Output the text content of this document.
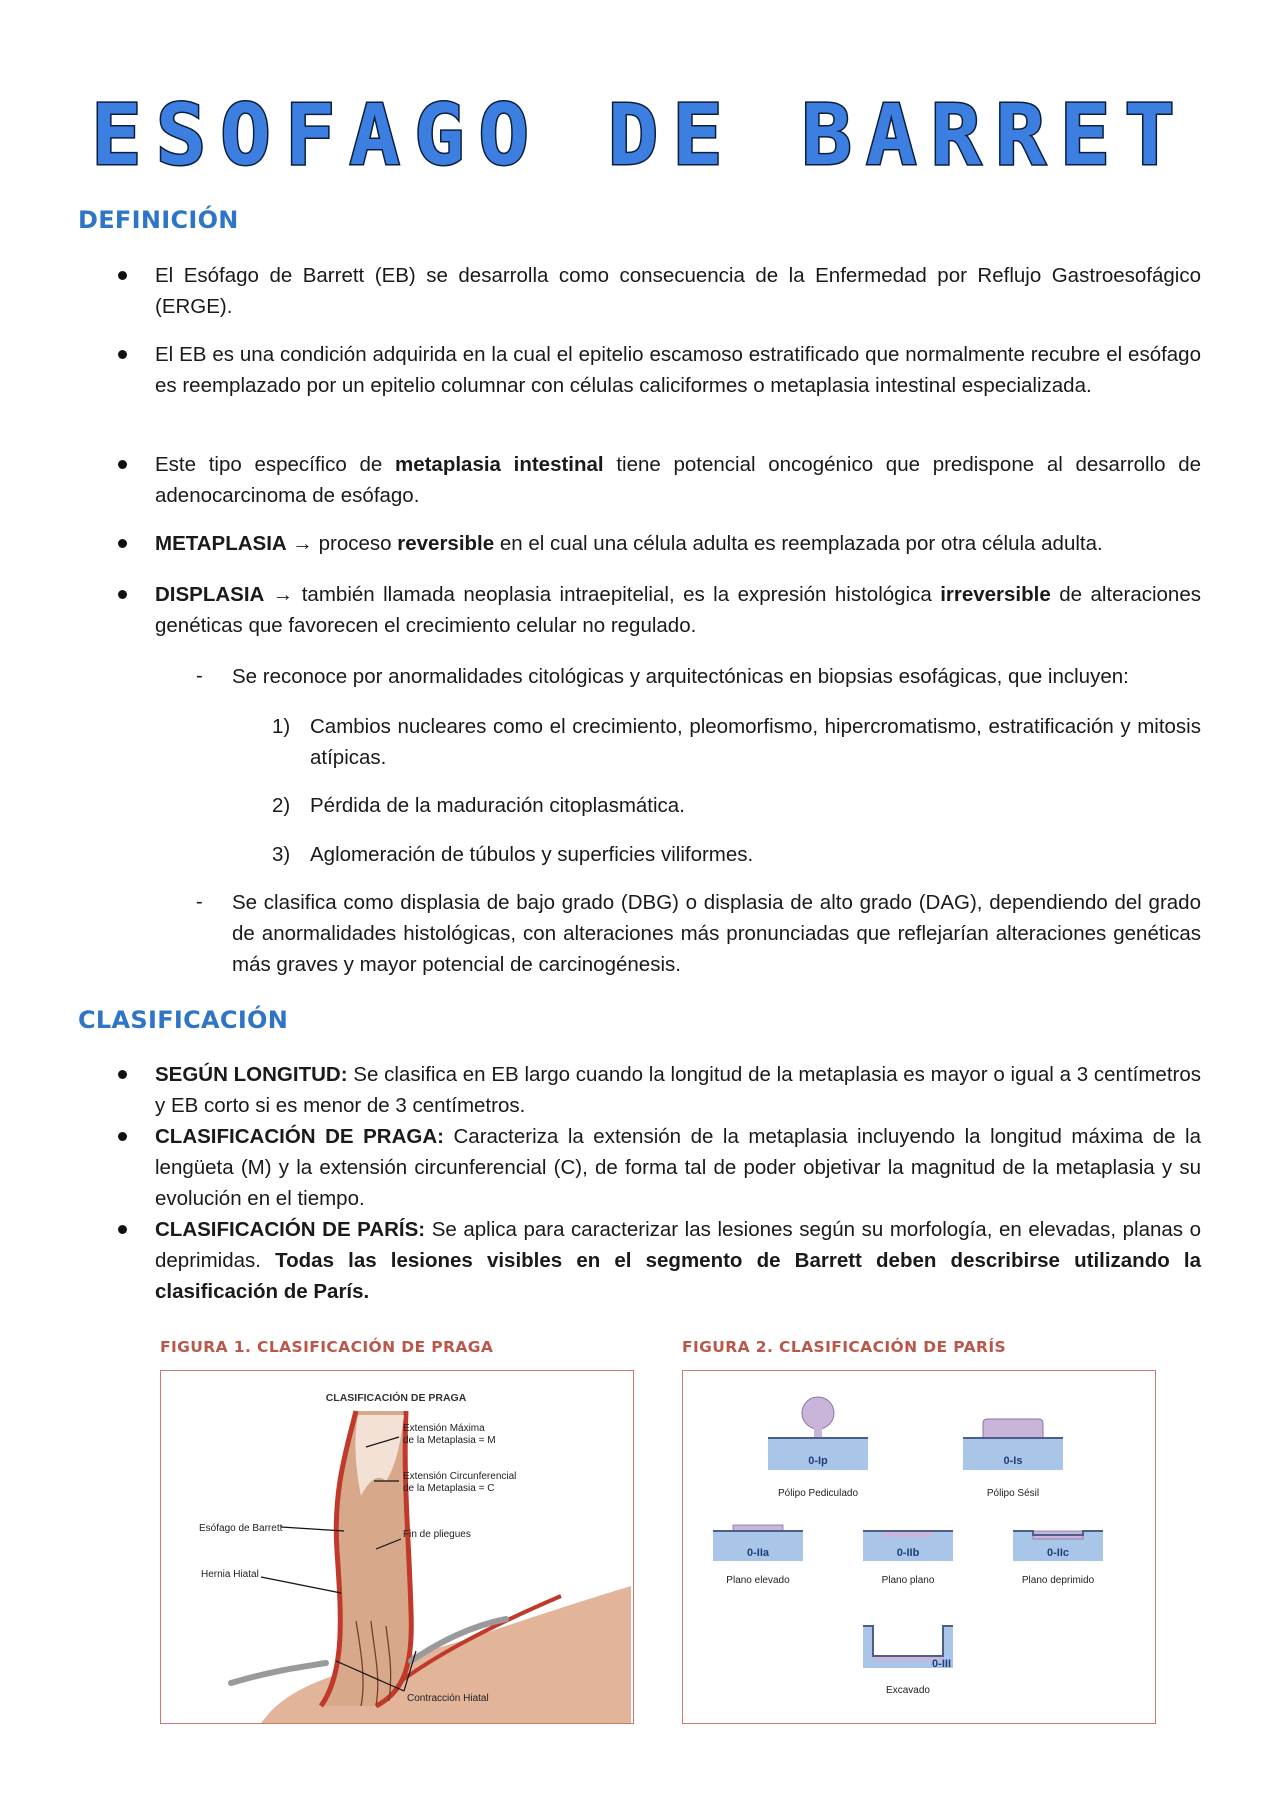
ESOFAGO DE BARRET
DEFINICIÓN

El Esófago de Barrett (EB) se desarrolla como consecuencia de la Enfermedad por Reflujo Gastroesofágico (ERGE).

El EB es una condición adquirida en la cual el epitelio escamoso estratificado que normalmente recubre el esófago es reemplazado por un epitelio columnar con células caliciformes o metaplasia intestinal especializada.

Este tipo específico de metaplasia intestinal tiene potencial oncogénico que predispone al desarrollo de adenocarcinoma de esófago.

METAPLASIA → proceso reversible en el cual una célula adulta es reemplazada por otra célula adulta.

DISPLASIA → también llamada neoplasia intraepitelial, es la expresión histológica irreversible de alteraciones genéticas que favorecen el crecimiento celular no regulado.

- Se reconoce por anormalidades citológicas y arquitectónicas en biopsias esofágicas, que incluyen:

1) Cambios nucleares como el crecimiento, pleomorfismo, hipercromatismo, estratificación y mitosis atípicas.

2) Pérdida de la maduración citoplasmática.

3) Aglomeración de túbulos y superficies viliformes.

- Se clasifica como displasia de bajo grado (DBG) o displasia de alto grado (DAG), dependiendo del grado de anormalidades histológicas, con alteraciones más pronunciadas que reflejarían alteraciones genéticas más graves y mayor potencial de carcinogénesis.

CLASIFICACIÓN

SEGÚN LONGITUD: Se clasifica en EB largo cuando la longitud de la metaplasia es mayor o igual a 3 centímetros y EB corto si es menor de 3 centímetros.

CLASIFICACIÓN DE PRAGA: Caracteriza la extensión de la metaplasia incluyendo la longitud máxima de la lengüeta (M) y la extensión circunferencial (C), de forma tal de poder objetivar la magnitud de la metaplasia y su evolución en el tiempo.

CLASIFICACIÓN DE PARÍS: Se aplica para caracterizar las lesiones según su morfología, en elevadas, planas o deprimidas. Todas las lesiones visibles en el segmento de Barrett deben describirse utilizando la clasificación de París.

FIGURA 1. CLASIFICACIÓN DE PRAGA

CLASIFICACIÓN DE PRAGA
Extensión Máxima
de la Metaplasia = M
Extensión Circunferencial
de la Metaplasia = C
Esófago de Barrett
Fin de pliegues
Hernia Hiatal
Contracción Hiatal

FIGURA 2. CLASIFICACIÓN DE PARÍS

0-Ip
Pólipo Pediculado
0-Is
Pólipo Sésil
0-IIa
Plano elevado
0-IIb
Plano plano
0-IIc
Plano deprimido
0-III
Excavado
